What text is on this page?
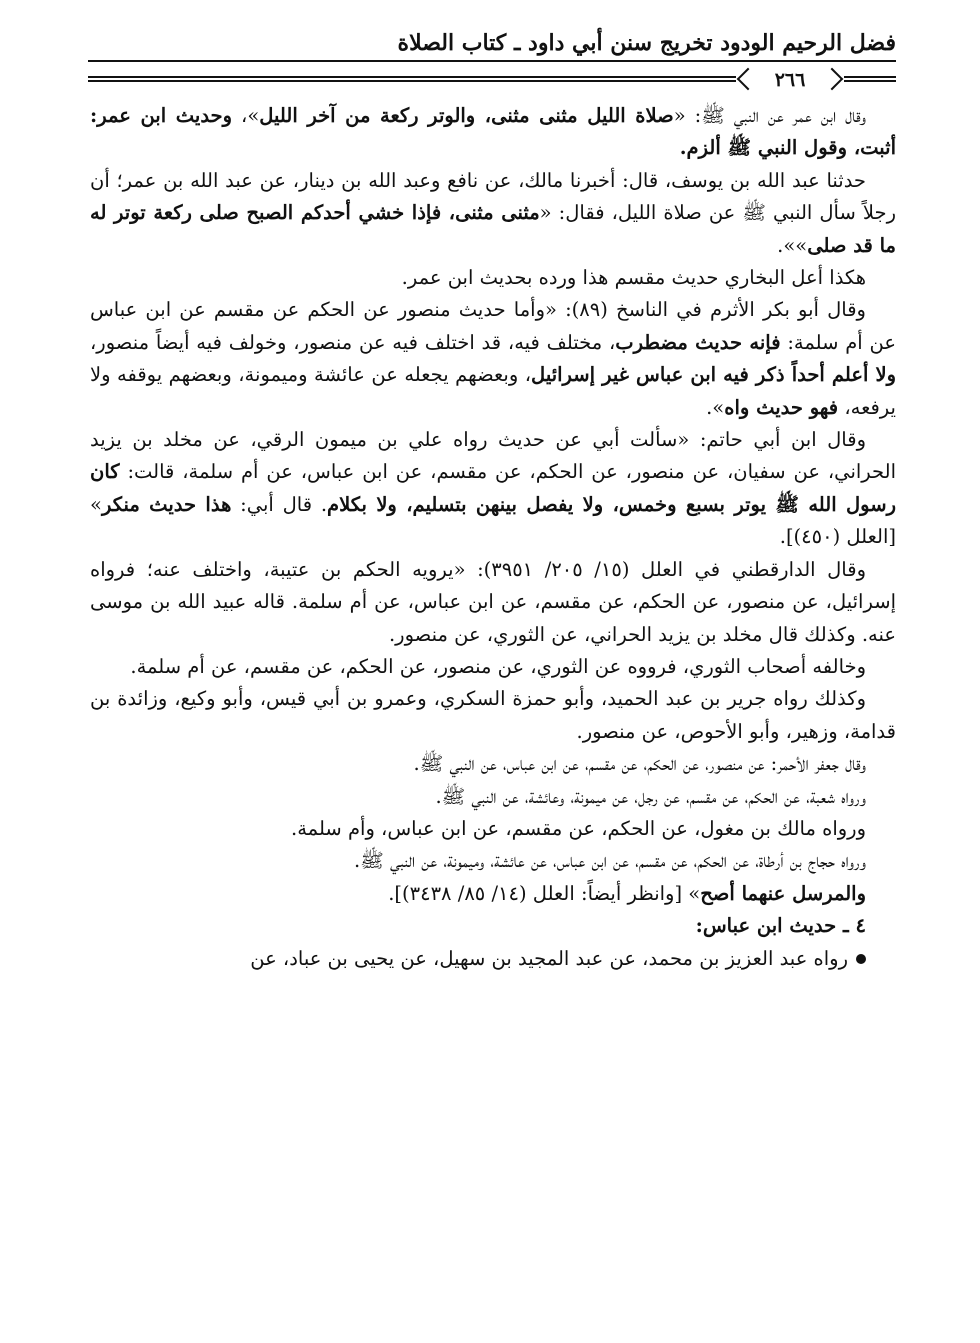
فضل الرحيم الودود تخريج سنن أبي داود ـ كتاب الصلاة
٢٦٦

وقال ابن عمر عن النبي ﷺ: «صلاة الليل مثنى مثنى، والوتر ركعة من آخر الليل»، وحديث ابن عمر: أثبت، وقول النبي ﷺ ألزم.

حدثنا عبد الله بن يوسف، قال: أخبرنا مالك، عن نافع وعبد الله بن دينار، عن عبد الله بن عمر؛ أن رجلاً سأل النبي ﷺ عن صلاة الليل، فقال: «مثنى مثنى، فإذا خشي أحدكم الصبح صلى ركعة توتر له ما قد صلى»».

هكذا أعل البخاري حديث مقسم هذا ورده بحديث ابن عمر.

وقال أبو بكر الأثرم في الناسخ (٨٩): «وأما حديث منصور عن الحكم عن مقسم عن ابن عباس عن أم سلمة: فإنه حديث مضطرب، مختلف فيه، قد اختلف فيه عن منصور، وخولف فيه أيضاً منصور، ولا أعلم أحداً ذكر فيه ابن عباس غير إسرائيل، وبعضهم يجعله عن عائشة وميمونة، وبعضهم يوقفه ولا يرفعه، فهو حديث واه».

وقال ابن أبي حاتم: «سألت أبي عن حديث رواه علي بن ميمون الرقي، عن مخلد بن يزيد الحراني، عن سفيان، عن منصور، عن الحكم، عن مقسم، عن ابن عباس، عن أم سلمة، قالت: كان رسول الله ﷺ يوتر بسبع وخمس، ولا يفصل بينهن بتسليم، ولا بكلام. قال أبي: هذا حديث منكر» [العلل (٤٥٠)].

وقال الدارقطني في العلل (١٥/ ٢٠٥/ ٣٩٥١): «يرويه الحكم بن عتيبة، واختلف عنه؛ فرواه إسرائيل، عن منصور، عن الحكم، عن مقسم، عن ابن عباس، عن أم سلمة. قاله عبيد الله بن موسى عنه. وكذلك قال مخلد بن يزيد الحراني، عن الثوري، عن منصور.

وخالفه أصحاب الثوري، فرووه عن الثوري، عن منصور، عن الحكم، عن مقسم، عن أم سلمة.

وكذلك رواه جرير بن عبد الحميد، وأبو حمزة السكري، وعمرو بن أبي قيس، وأبو وكيع، وزائدة بن قدامة، وزهير، وأبو الأحوص، عن منصور.

وقال جعفر الأحمر: عن منصور، عن الحكم، عن مقسم، عن ابن عباس، عن النبي ﷺ.

ورواه شعبة، عن الحكم، عن مقسم، عن رجل، عن ميمونة، وعائشة، عن النبي ﷺ.

ورواه مالك بن مغول، عن الحكم، عن مقسم، عن ابن عباس، وأم سلمة.

ورواه حجاج بن أرطاة، عن الحكم، عن مقسم، عن ابن عباس، عن عائشة، وميمونة، عن النبي ﷺ.

والمرسل عنهما أصح» [وانظر أيضاً: العلل (١٤/ ٨٥/ ٣٤٣٨)].

٤ ـ حديث ابن عباس:

رواه عبد العزيز بن محمد، عن عبد المجيد بن سهيل، عن يحيى بن عباد، عن
